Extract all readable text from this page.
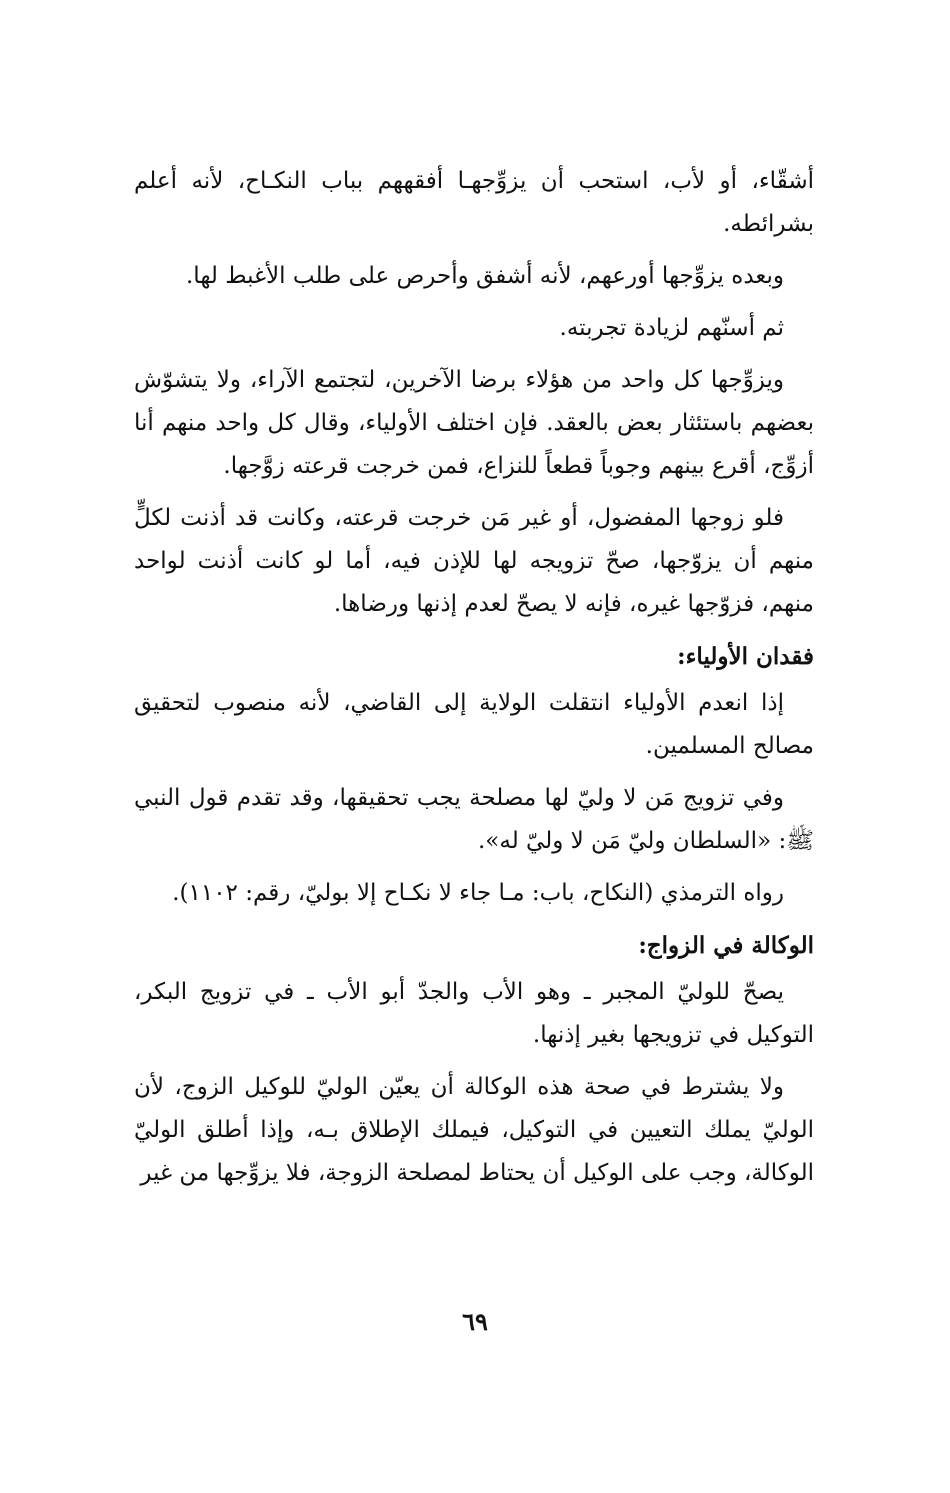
أشقّاء، أو لأب، استحب أن يزوِّجهـا أفقههم بباب النكـاح، لأنه أعلم بشرائطه.

وبعده يزوِّجها أورعهم، لأنه أشفق وأحرص على طلب الأغبط لها.

ثم أسنّهم لزيادة تجربته.

ويزوِّجها كل واحد من هؤلاء برضا الآخرين، لتجتمع الآراء، ولا يتشوّش بعضهم باستئثار بعض بالعقد. فإن اختلف الأولياء، وقال كل واحد منهم أنا أزوِّج، أقرع بينهم وجوباً قطعاً للنزاع، فمن خرجت قرعته زوَّجها.

فلو زوجها المفضول، أو غير مَن خرجت قرعته، وكانت قد أذنت لكلٍّ منهم أن يزوّجها، صحّ تزويجه لها للإذن فيه، أما لو كانت أذنت لواحد منهم، فزوّجها غيره، فإنه لا يصحّ لعدم إذنها ورضاها.

فقدان الأولياء:

إذا انعدم الأولياء انتقلت الولاية إلى القاضي، لأنه منصوب لتحقيق مصالح المسلمين.

وفي تزويج مَن لا وليّ لها مصلحة يجب تحقيقها، وقد تقدم قول النبي ﷺ: «السلطان وليّ مَن لا وليّ له».

رواه الترمذي (النكاح، باب: مـا جاء لا نكـاح إلا بوليّ، رقم: ١١٠٢).

الوكالة في الزواج:

يصحّ للوليّ المجبر ـ وهو الأب والجدّ أبو الأب ـ في تزويج البكر، التوكيل في تزويجها بغير إذنها.

ولا يشترط في صحة هذه الوكالة أن يعيّن الوليّ للوكيل الزوج، لأن الوليّ يملك التعيين في التوكيل، فيملك الإطلاق بـه، وإذا أطلق الوليّ الوكالة، وجب على الوكيل أن يحتاط لمصلحة الزوجة، فلا يزوِّجها من غير

٦٩
